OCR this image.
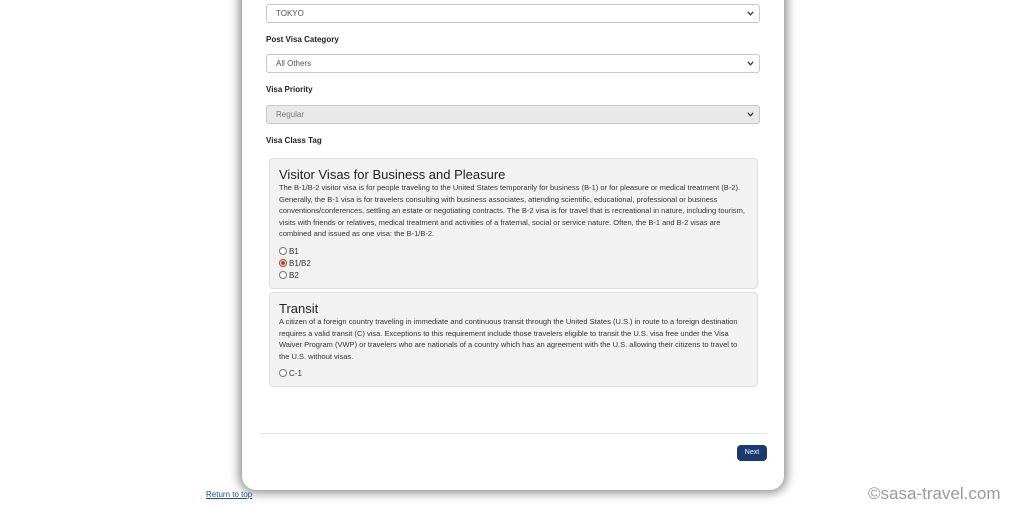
TOKYO
Post Visa Category
All Others
Visa Priority
Regular
Visa Class Tag
Visitor Visas for Business and Pleasure
The B-1/B-2 visitor visa is for people traveling to the United States temporarily for business (B-1) or for pleasure or medical treatment (B-2). Generally, the B-1 visa is for travelers consulting with business associates, attending scientific, educational, professional or business conventions/conferences, settling an estate or negotiating contracts. The B-2 visa is for travel that is recreational in nature, including tourism, visits with friends or relatives, medical treatment and activities of a fraternal, social or service nature. Often, the B-1 and B-2 visas are combined and issued as one visa: the B-1/B-2.
B1
B1/B2
B2
Transit
A citizen of a foreign country traveling in immediate and continuous transit through the United States (U.S.) in route to a foreign destination requires a valid transit (C) visa. Exceptions to this requirement include those travelers eligible to transit the U.S. visa free under the Visa Waiver Program (VWP) or travelers who are nationals of a country which has an agreement with the U.S. allowing their citizens to travel to the U.S. without visas.
C-1
Next
Return to top	©sasa-travel.com
